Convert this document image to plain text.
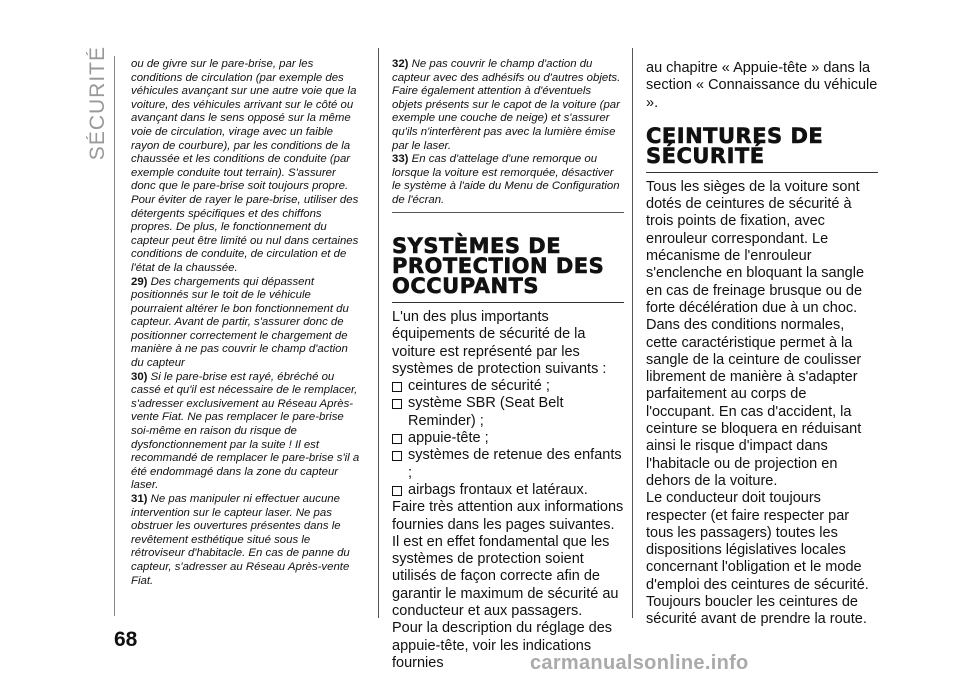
SÉCURITÉ
68

ou de givre sur le pare-brise, par les conditions de circulation (par exemple des véhicules avançant sur une autre voie que la voiture, des véhicules arrivant sur le côté ou avançant dans le sens opposé sur la même voie de circulation, virage avec un faible rayon de courbure), par les conditions de la chaussée et les conditions de conduite (par exemple conduite tout terrain). S'assurer donc que le pare-brise soit toujours propre. Pour éviter de rayer le pare-brise, utiliser des détergents spécifiques et des chiffons propres. De plus, le fonctionnement du capteur peut être limité ou nul dans certaines conditions de conduite, de circulation et de l'état de la chaussée.

29) Des chargements qui dépassent positionnés sur le toit de le véhicule pourraient altérer le bon fonctionnement du capteur. Avant de partir, s'assurer donc de positionner correctement le chargement de manière à ne pas couvrir le champ d'action du capteur

30) Si le pare-brise est rayé, ébréché ou cassé et qu'il est nécessaire de le remplacer, s'adresser exclusivement au Réseau Après-vente Fiat. Ne pas remplacer le pare-brise soi-même en raison du risque de dysfonctionnement par la suite ! Il est recommandé de remplacer le pare-brise s'il a été endommagé dans la zone du capteur laser.

31) Ne pas manipuler ni effectuer aucune intervention sur le capteur laser. Ne pas obstruer les ouvertures présentes dans le revêtement esthétique situé sous le rétroviseur d'habitacle. En cas de panne du capteur, s'adresser au Réseau Après-vente Fiat.

32) Ne pas couvrir le champ d'action du capteur avec des adhésifs ou d'autres objets. Faire également attention à d'éventuels objets présents sur le capot de la voiture (par exemple une couche de neige) et s'assurer qu'ils n'interfèrent pas avec la lumière émise par le laser.

33) En cas d'attelage d'une remorque ou lorsque la voiture est remorquée, désactiver le système à l'aide du Menu de Configuration de l'écran.

SYSTÈMES DE PROTECTION DES OCCUPANTS

L'un des plus importants équipements de sécurité de la voiture est représenté par les systèmes de protection suivants :

ceintures de sécurité ;
système SBR (Seat Belt Reminder) ;
appuie-tête ;
systèmes de retenue des enfants ;
airbags frontaux et latéraux.

Faire très attention aux informations fournies dans les pages suivantes.

Il est en effet fondamental que les systèmes de protection soient utilisés de façon correcte afin de garantir le maximum de sécurité au conducteur et aux passagers.

Pour la description du réglage des appuie-tête, voir les indications fournies

au chapitre « Appuie-tête » dans la section « Connaissance du véhicule ».

CEINTURES DE SÉCURITÉ

Tous les sièges de la voiture sont dotés de ceintures de sécurité à trois points de fixation, avec enrouleur correspondant. Le mécanisme de l'enrouleur s'enclenche en bloquant la sangle en cas de freinage brusque ou de forte décélération due à un choc. Dans des conditions normales, cette caractéristique permet à la sangle de la ceinture de coulisser librement de manière à s'adapter parfaitement au corps de l'occupant. En cas d'accident, la ceinture se bloquera en réduisant ainsi le risque d'impact dans l'habitacle ou de projection en dehors de la voiture.

Le conducteur doit toujours respecter (et faire respecter par tous les passagers) toutes les dispositions législatives locales concernant l'obligation et le mode d'emploi des ceintures de sécurité.

Toujours boucler les ceintures de sécurité avant de prendre la route.

carmanualsonline.info
